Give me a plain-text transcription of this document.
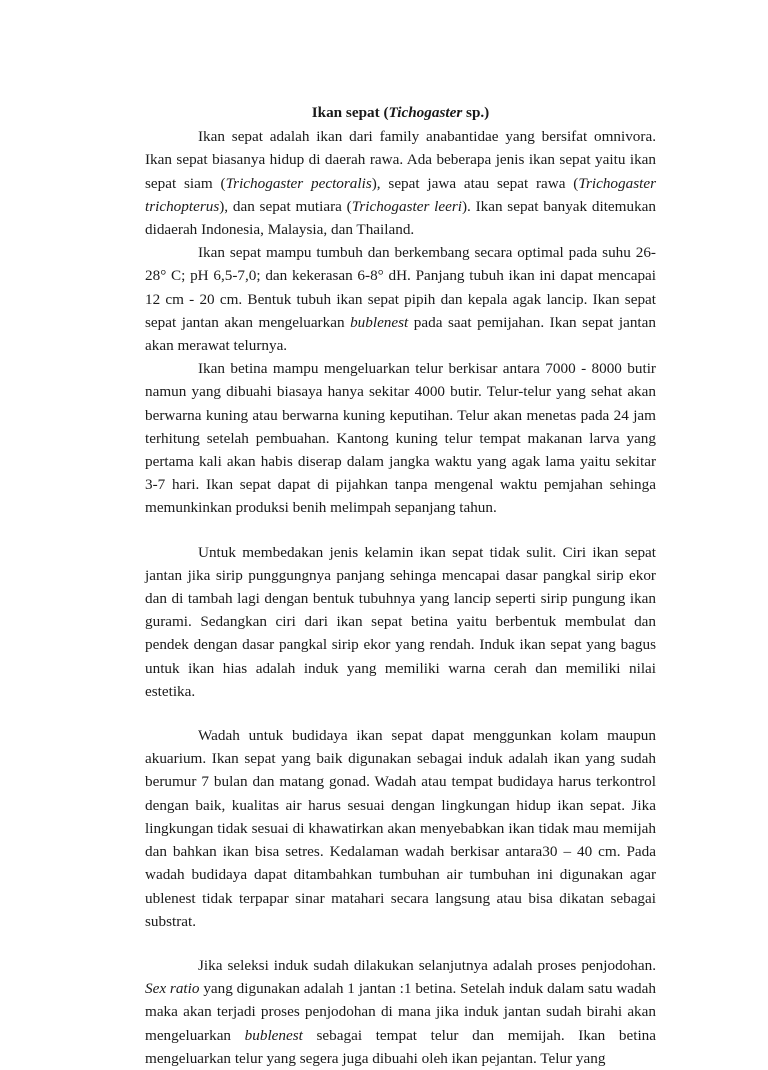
Ikan sepat (Tichogaster sp.)

Ikan sepat adalah ikan dari family anabantidae yang bersifat omnivora. Ikan sepat biasanya hidup di daerah rawa. Ada beberapa jenis ikan sepat yaitu ikan sepat siam (Trichogaster pectoralis), sepat jawa atau sepat rawa (Trichogaster trichopterus), dan sepat mutiara (Trichogaster leeri). Ikan sepat banyak ditemukan didaerah Indonesia, Malaysia, dan Thailand.

Ikan sepat mampu tumbuh dan berkembang secara optimal pada suhu 26-28° C; pH 6,5-7,0; dan kekerasan 6-8° dH. Panjang tubuh ikan ini dapat mencapai 12 cm - 20 cm. Bentuk tubuh ikan sepat pipih dan kepala agak lancip. Ikan sepat sepat jantan akan mengeluarkan bublenest pada saat pemijahan. Ikan sepat jantan akan merawat telurnya.

Ikan betina mampu mengeluarkan telur berkisar antara 7000 - 8000 butir namun yang dibuahi biasaya hanya sekitar 4000 butir. Telur-telur yang sehat akan berwarna kuning atau berwarna kuning keputihan. Telur akan menetas pada 24 jam terhitung setelah pembuahan. Kantong kuning telur tempat makanan larva yang pertama kali akan habis diserap dalam jangka waktu yang agak lama yaitu sekitar 3-7 hari. Ikan sepat dapat di pijahkan tanpa mengenal waktu pemjahan sehinga memunkinkan produksi benih melimpah sepanjang tahun.

Untuk membedakan jenis kelamin ikan sepat tidak sulit. Ciri ikan sepat jantan jika sirip punggungnya panjang sehinga mencapai dasar pangkal sirip ekor dan di tambah lagi dengan bentuk tubuhnya yang lancip seperti sirip pungung ikan gurami. Sedangkan ciri dari ikan sepat betina yaitu berbentuk membulat dan pendek dengan dasar pangkal sirip ekor yang rendah. Induk ikan sepat yang bagus untuk ikan hias adalah induk yang memiliki warna cerah dan memiliki nilai estetika.

Wadah untuk budidaya ikan sepat dapat menggunkan kolam maupun akuarium. Ikan sepat yang baik digunakan sebagai induk adalah ikan yang sudah berumur 7 bulan dan matang gonad. Wadah atau tempat budidaya harus terkontrol dengan baik, kualitas air harus sesuai dengan lingkungan hidup ikan sepat. Jika lingkungan tidak sesuai di khawatirkan akan menyebabkan ikan tidak mau memijah dan bahkan ikan bisa setres. Kedalaman wadah berkisar antara30 – 40 cm. Pada wadah budidaya dapat ditambahkan tumbuhan air tumbuhan ini digunakan agar ublenest tidak terpapar sinar matahari secara langsung atau bisa dikatan sebagai substrat.

Jika seleksi induk sudah dilakukan selanjutnya adalah proses penjodohan. Sex ratio yang digunakan adalah 1 jantan :1 betina. Setelah induk dalam satu wadah maka akan terjadi proses penjodohan di mana jika induk jantan sudah birahi akan mengeluarkan bublenest sebagai tempat telur dan memijah. Ikan betina mengeluarkan telur yang segera juga dibuahi oleh ikan pejantan. Telur yang
